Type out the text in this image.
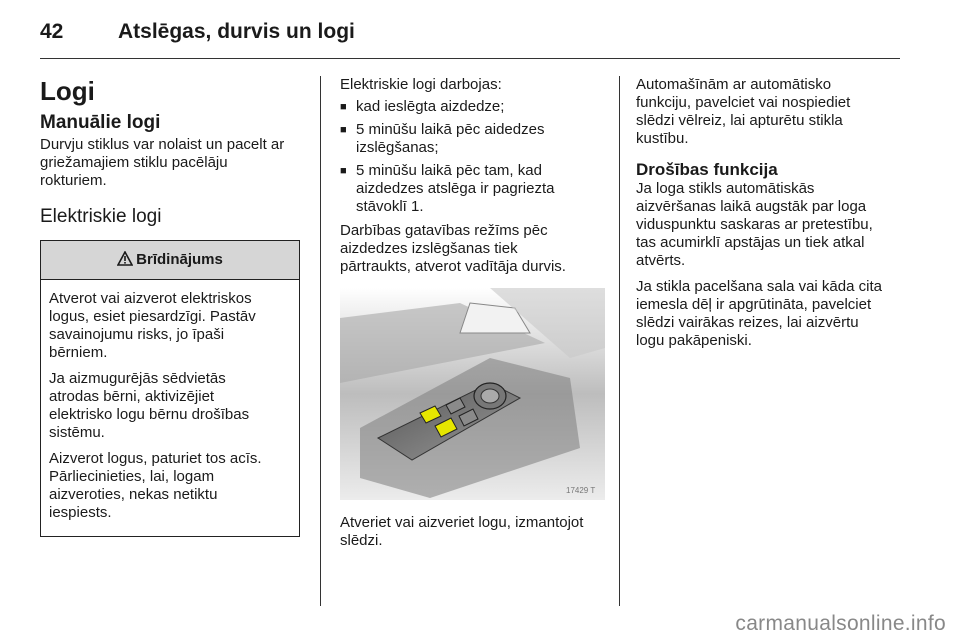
42	Atslēgas, durvis un logi
Logi
Manuālie logi
Durvju stiklus var nolaist un pacelt ar
griežamajiem stiklu pacēlāju
rokturiem.
Elektriskie logi
Brīdinājums
Atverot vai aizverot elektriskos
logus, esiet piesardzīgi. Pastāv
savainojumu risks, jo īpaši
bērniem.
Ja aizmugurējās sēdvietās
atrodas bērni, aktivizējiet
elektrisko logu bērnu drošības
sistēmu.
Aizverot logus, paturiet tos acīs.
Pārliecinieties, lai, logam
aizveroties, nekas netiktu
iespiests.
Elektriskie logi darbojas:
■ kad ieslēgta aizdedze;
■ 5 minūšu laikā pēc aidedzes
izslēgšanas;
■ 5 minūšu laikā pēc tam, kad
aizdedzes atslēga ir pagriezta
stāvoklī 1.
Darbības gatavības režīms pēc
aizdedzes izslēgšanas tiek
pārtraukts, atverot vadītāja durvis.
17429 T
Atveriet vai aizveriet logu, izmantojot
slēdzi.
Automašīnām ar automātisko
funkciju, pavelciet vai nospiediet
slēdzi vēlreiz, lai apturētu stikla
kustību.
Drošības funkcija
Ja loga stikls automātiskās
aizvēršanas laikā augstāk par loga
viduspunktu saskaras ar pretestību,
tas acumirklī apstājas un tiek atkal
atvērts.
Ja stikla pacelšana sala vai kāda cita
iemesla dēļ ir apgrūtināta, pavelciet
slēdzi vairākas reizes, lai aizvērtu
logu pakāpeniski.
carmanualsonline.info
